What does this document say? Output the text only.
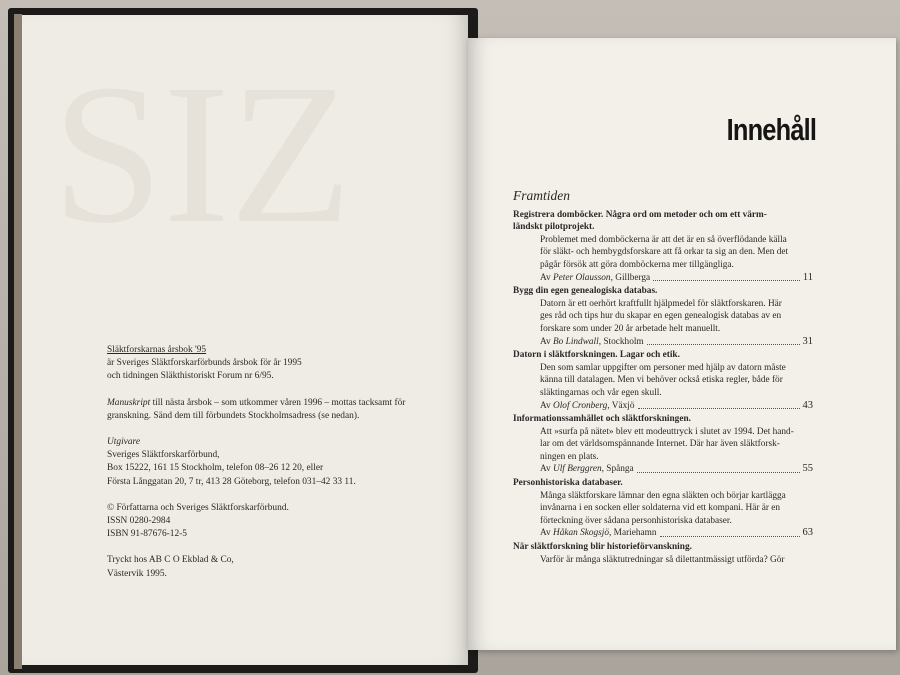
SIZ

Släktforskarnas årsbok '95

är Sveriges Släktforskarförbunds årsbok för år 1995

och tidningen Släkthistoriskt Forum nr 6/95.

Manuskript till nästa årsbok – som utkommer våren 1996 – mottas tacksamt för

granskning. Sänd dem till förbundets Stockholmsadress (se nedan).

Utgivare

Sveriges Släktforskarförbund,

Box 15222, 161 15 Stockholm, telefon 08–26 12 20, eller

Första Långgatan 20, 7 tr, 413 28 Göteborg, telefon 031–42 33 11.

© Författarna och Sveriges Släktforskarförbund.

ISSN 0280-2984

ISBN 91-87676-12-5

Tryckt hos AB C O Ekblad & Co,

Västervik 1995.

Innehåll
Framtiden
Registrera domböcker. Några ord om metoder och om ett värm-
ländskt pilotprojekt.
Problemet med domböckerna är att det är en så överflödande källa
för släkt- och hembygdsforskare att få orkar ta sig an den. Men det
pågår försök att göra domböckerna mer tillgängliga.
Av Peter Olausson , Gillberga	11
Bygg din egen genealogiska databas.
Datorn är ett oerhört kraftfullt hjälpmedel för släktforskaren. Här
ges råd och tips hur du skapar en egen genealogisk databas av en
forskare som under 20 år arbetade helt manuellt.
Av Bo Lindwall , Stockholm	31
Datorn i släktforskningen. Lagar och etik.
Den som samlar uppgifter om personer med hjälp av datorn måste
känna till datalagen. Men vi behöver också etiska regler, både för
släktingarnas och vår egen skull.
Av Olof Cronberg , Växjö	43
Informationssamhället och släktforskningen.
Att »surfa på nätet» blev ett modeuttryck i slutet av 1994. Det hand-
lar om det världsomspännande Internet. Där har även släktforsk-
ningen en plats.
Av Ulf Berggren , Spånga	55
Personhistoriska databaser.
Många släktforskare lämnar den egna släkten och börjar kartlägga
invånarna i en socken eller soldaterna vid ett kompani. Här är en
förteckning över sådana personhistoriska databaser.
Av Håkan Skogsjö , Mariehamn	63
När släktforskning blir historieförvanskning.
Varför är många släktutredningar så dilettantmässigt utförda? Gör
